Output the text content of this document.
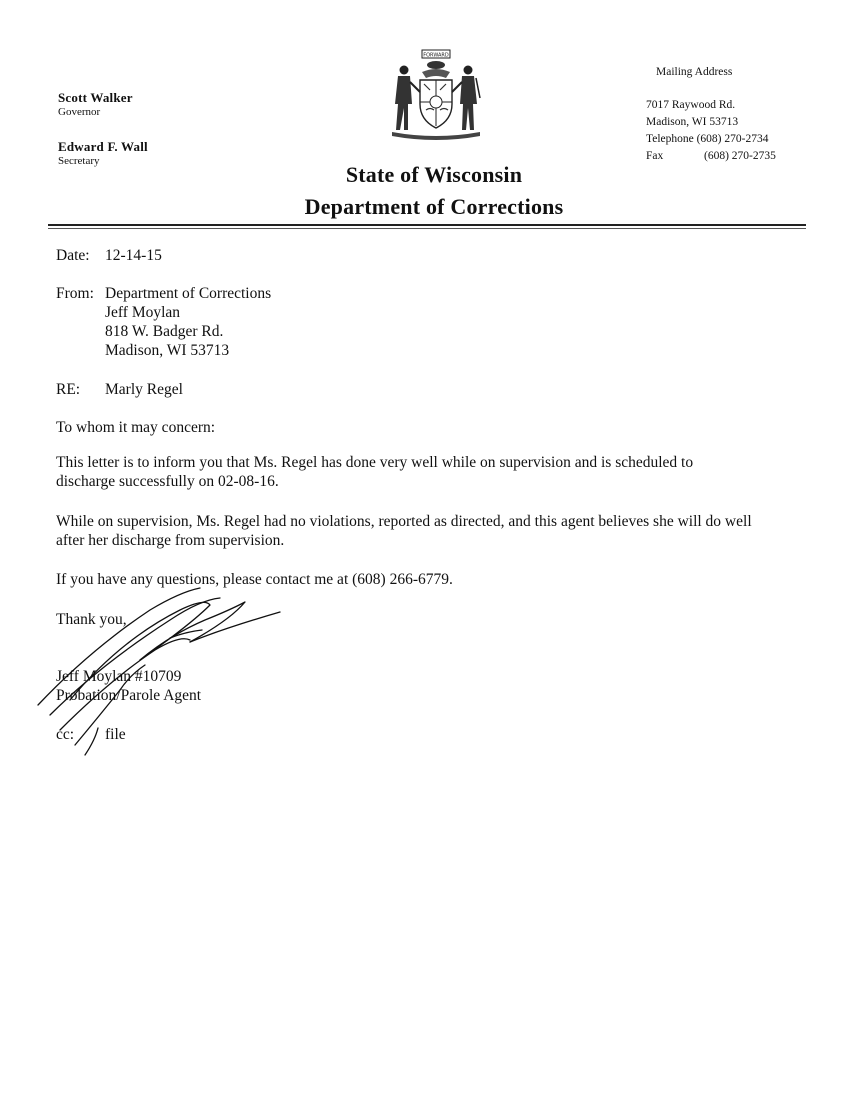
Scott Walker
Governor
Edward F. Wall
Secretary
FORWARD
Mailing Address
7017 Raywood Rd.
Madison, WI 53713
Telephone (608) 270-2734
Fax	(608) 270-2735
State of Wisconsin
Department of Corrections
Date: 12-14-15
From: Department of Corrections
Jeff Moylan
818 W. Badger Rd.
Madison, WI 53713
RE: Marly Regel
To whom it may concern:
This letter is to inform you that Ms. Regel has done very well while on supervision and is scheduled to
discharge successfully on 02-08-16.
While on supervision, Ms. Regel had no violations, reported as directed, and this agent believes she will do well
after her discharge from supervision.
If you have any questions, please contact me at (608) 266-6779.
Thank you,
Jeff Moylan #10709
Probation/Parole Agent
cc: file
